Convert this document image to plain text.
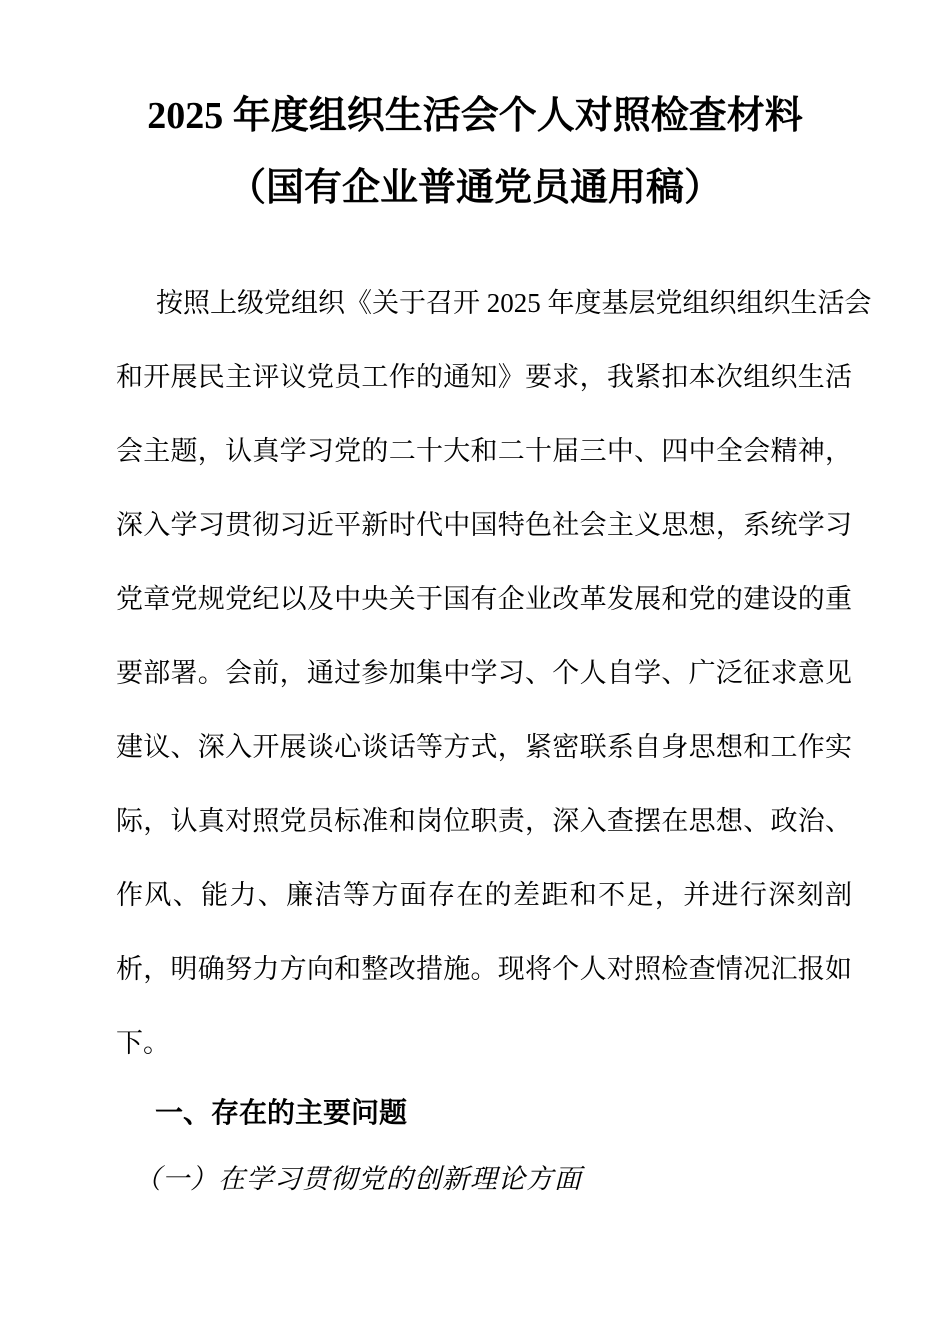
2025 年度组织生活会个人对照检查材料
（国有企业普通党员通用稿）
按照上级党组织《关于召开 2025 年度基层党组织组织生活会
和开展民主评议党员工作的通知》要求，我紧扣本次组织生活
会主题，认真学习党的二十大和二十届三中、四中全会精神，
深入学习贯彻习近平新时代中国特色社会主义思想，系统学习
党章党规党纪以及中央关于国有企业改革发展和党的建设的重
要部署。会前，通过参加集中学习、个人自学、广泛征求意见
建议、深入开展谈心谈话等方式，紧密联系自身思想和工作实
际，认真对照党员标准和岗位职责，深入查摆在思想、政治、
作风、能力、廉洁等方面存在的差距和不足，并进行深刻剖
析，明确努力方向和整改措施。现将个人对照检查情况汇报如
下。
一、存在的主要问题
（一）在学习贯彻党的创新理论方面
